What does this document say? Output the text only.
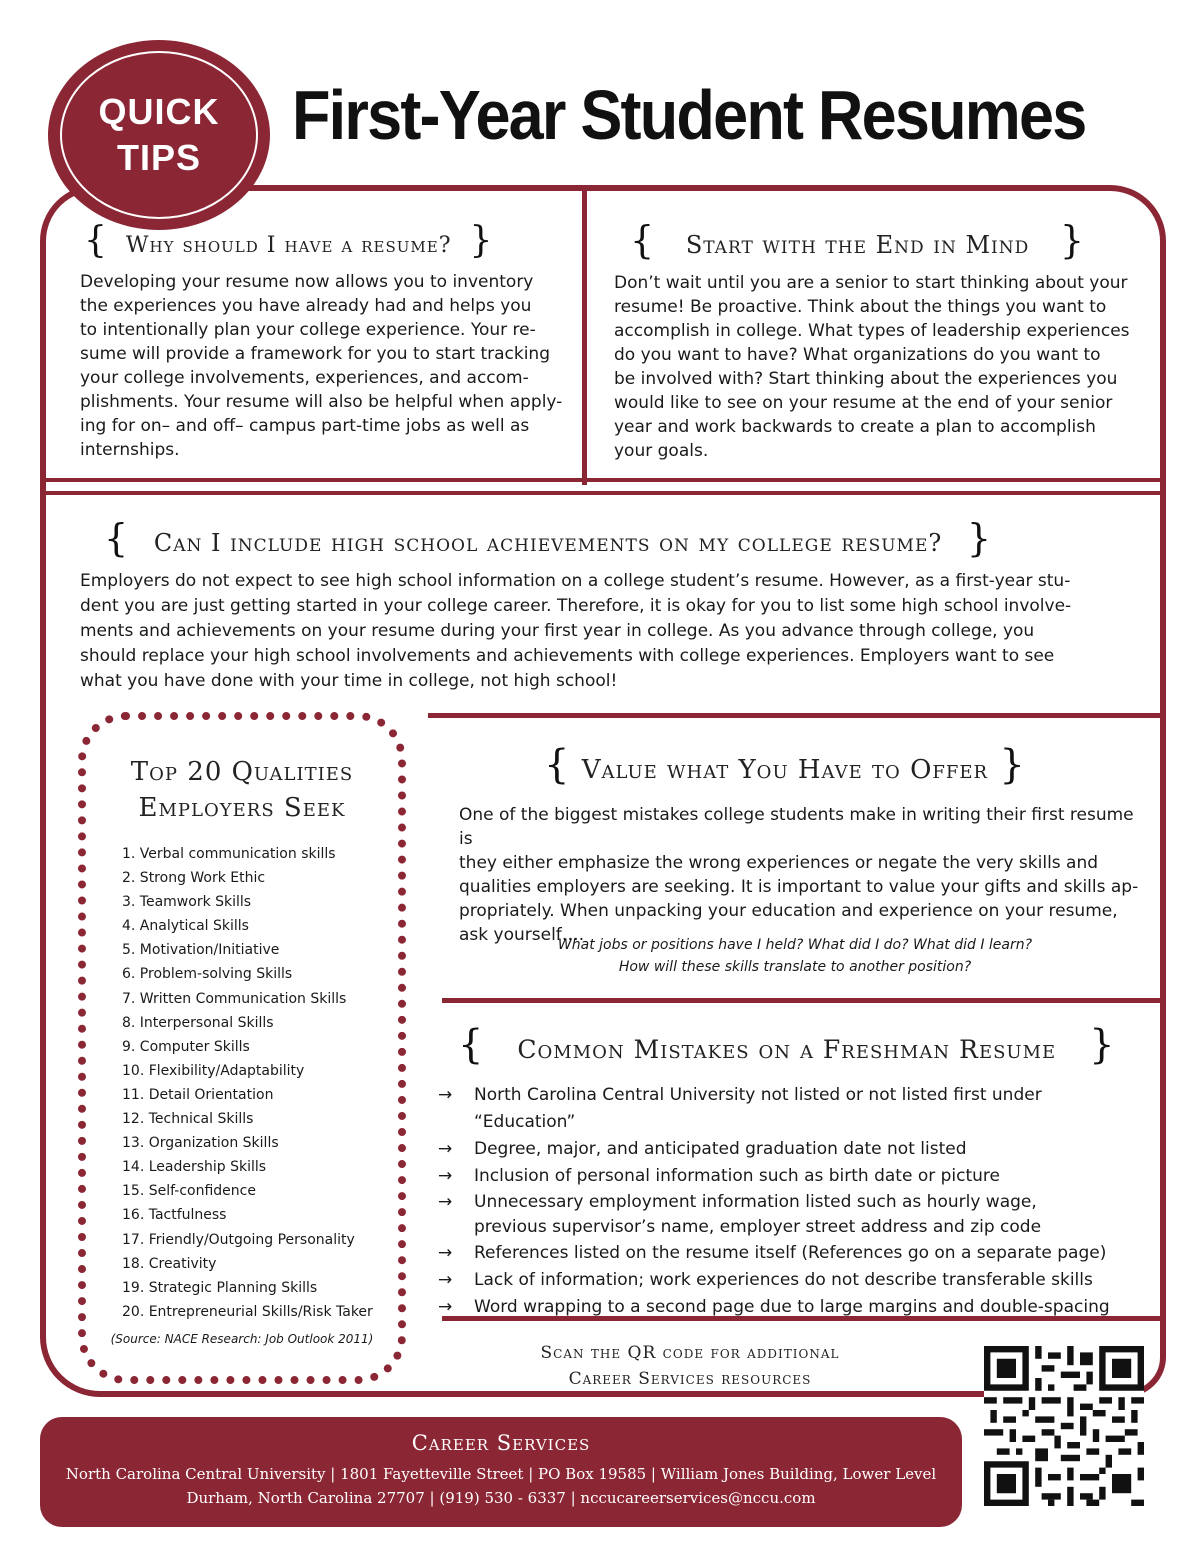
QUICK
TIPS
First-Year Student Resumes
{ Why should I have a resume? }
Developing your resume now allows you to inventory
the experiences you have already had and helps you
to intentionally plan your college experience. Your re-
sume will provide a framework for you to start tracking
your college involvements, experiences, and accom-
plishments. Your resume will also be helpful when apply-
ing for on– and off– campus part-time jobs as well as
internships.
{ Start with the End in Mind }
Don’t wait until you are a senior to start thinking about your
resume! Be proactive. Think about the things you want to
accomplish in college. What types of leadership experiences
do you want to have? What organizations do you want to
be involved with? Start thinking about the experiences you
would like to see on your resume at the end of your senior
year and work backwards to create a plan to accomplish
your goals.
{ Can I include high school achievements on my college resume? }
Employers do not expect to see high school information on a college student’s resume. However, as a first-year stu-
dent you are just getting started in your college career. Therefore, it is okay for you to list some high school involve-
ments and achievements on your resume during your first year in college. As you advance through college, you
should replace your high school involvements and achievements with college experiences. Employers want to see
what you have done with your time in college, not high school!
Top 20 Qualities
Employers Seek
1. Verbal communication skills
2. Strong Work Ethic
3. Teamwork Skills
4. Analytical Skills
5. Motivation/Initiative
6. Problem-solving Skills
7. Written Communication Skills
8. Interpersonal Skills
9. Computer Skills
10. Flexibility/Adaptability
11. Detail Orientation
12. Technical Skills
13. Organization Skills
14. Leadership Skills
15. Self-confidence
16. Tactfulness
17. Friendly/Outgoing Personality
18. Creativity
19. Strategic Planning Skills
20. Entrepreneurial Skills/Risk Taker
(Source: NACE Research: Job Outlook 2011)
{ Value what You Have to Offer }
One of the biggest mistakes college students make in writing their first resume is
they either emphasize the wrong experiences or negate the very skills and
qualities employers are seeking. It is important to value your gifts and skills ap-
propriately. When unpacking your education and experience on your resume,
ask yourself….
What jobs or positions have I held? What did I do? What did I learn?
How will these skills translate to another position?
{ Common Mistakes on a Freshman Resume }
→ North Carolina Central University not listed or not listed first under “Education”
→ Degree, major, and anticipated graduation date not listed
→ Inclusion of personal information such as birth date or picture
→ Unnecessary employment information listed such as hourly wage, previous supervisor’s name, employer street address and zip code
→ References listed on the resume itself (References go on a separate page)
→ Lack of information; work experiences do not describe transferable skills
→ Word wrapping to a second page due to large margins and double-spacing
Scan the QR code for additional
Career Services resources
Career Services
North Carolina Central University | 1801 Fayetteville Street | PO Box 19585 | William Jones Building, Lower Level
Durham, North Carolina 27707 | (919) 530 - 6337 | nccucareerservices@nccu.com
